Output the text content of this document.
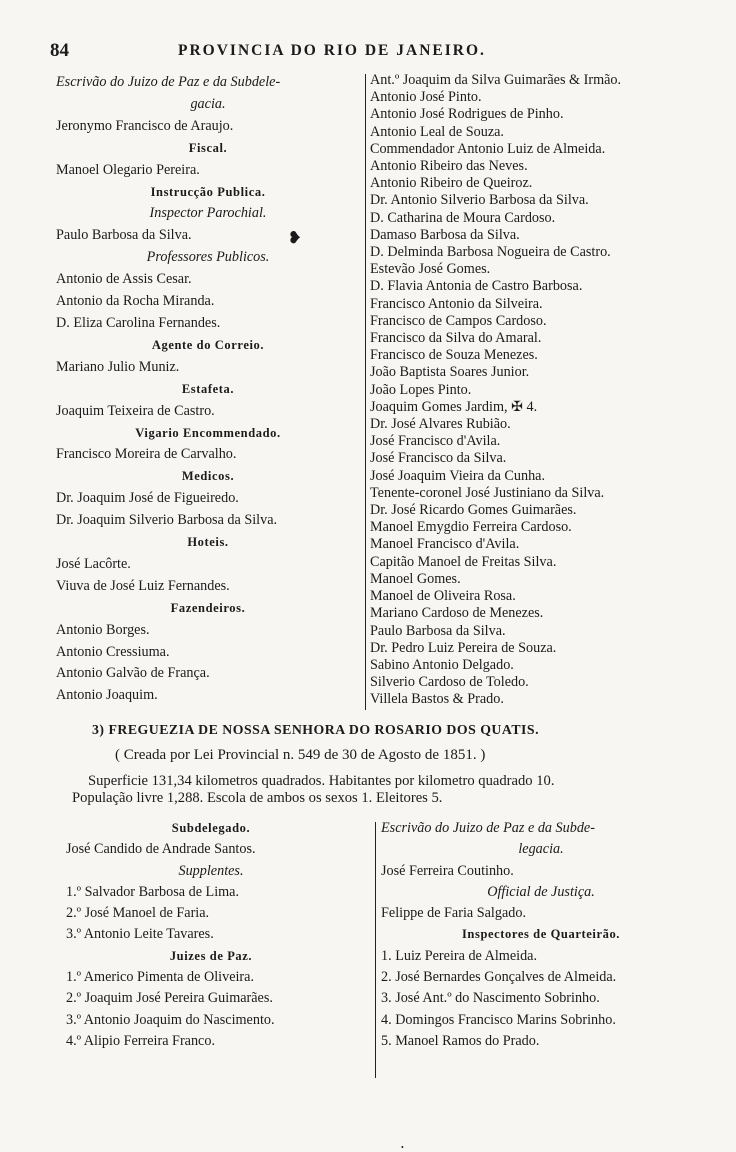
84	PROVINCIA DO RIO DE JANEIRO.
Escrivão do Juizo de Paz e da Subdele-
gacia.
Jeronymo Francisco de Araujo.
Fiscal.
Manoel Olegario Pereira.
Instrucção Publica.
Inspector Parochial.
Paulo Barbosa da Silva.
Professores Publicos.
Antonio de Assis Cesar.
Antonio da Rocha Miranda.
D. Eliza Carolina Fernandes.
Agente do Correio.
Mariano Julio Muniz.
Estafeta.
Joaquim Teixeira de Castro.
Vigario Encommendado.
Francisco Moreira de Carvalho.
Medicos.
Dr. Joaquim José de Figueiredo.
Dr. Joaquim Silverio Barbosa da Silva.
Hoteis.
José Lacôrte.
Viuva de José Luiz Fernandes.
Fazendeiros.
Antonio Borges.
Antonio Cressiuma.
Antonio Galvão de França.
Antonio Joaquim.
Ant.º Joaquim da Silva Guimarães & Irmão.
Antonio José Pinto.
Antonio José Rodrigues de Pinho.
Antonio Leal de Souza.
Commendador Antonio Luiz de Almeida.
Antonio Ribeiro das Neves.
Antonio Ribeiro de Queiroz.
Dr. Antonio Silverio Barbosa da Silva.
D. Catharina de Moura Cardoso.
Damaso Barbosa da Silva.
D. Delminda Barbosa Nogueira de Castro.
Estevão José Gomes.
D. Flavia Antonia de Castro Barbosa.
Francisco Antonio da Silveira.
Francisco de Campos Cardoso.
Francisco da Silva do Amaral.
Francisco de Souza Menezes.
João Baptista Soares Junior.
João Lopes Pinto.
Joaquim Gomes Jardim, ✠ 4.
Dr. José Alvares Rubião.
José Francisco d'Avila.
José Francisco da Silva.
José Joaquim Vieira da Cunha.
Tenente-coronel José Justiniano da Silva.
Dr. José Ricardo Gomes Guimarães.
Manoel Emygdio Ferreira Cardoso.
Manoel Francisco d'Avila.
Capitão Manoel de Freitas Silva.
Manoel Gomes.
Manoel de Oliveira Rosa.
Mariano Cardoso de Menezes.
Paulo Barbosa da Silva.
Dr. Pedro Luiz Pereira de Souza.
Sabino Antonio Delgado.
Silverio Cardoso de Toledo.
Villela Bastos & Prado.
❥
3) FREGUEZIA DE NOSSA SENHORA DO ROSARIO DOS QUATIS.
( Creada por Lei Provincial n. 549 de 30 de Agosto de 1851. )
Superficie 131,34 kilometros quadrados. Habitantes por kilometro quadrado 10.
População livre 1,288. Escola de ambos os sexos 1. Eleitores 5.
Subdelegado.
José Candido de Andrade Santos.
Supplentes.
1.º Salvador Barbosa de Lima.
2.º José Manoel de Faria.
3.º Antonio Leite Tavares.
Juizes de Paz.
1.º Americo Pimenta de Oliveira.
2.º Joaquim José Pereira Guimarães.
3.º Antonio Joaquim do Nascimento.
4.º Alipio Ferreira Franco.
Escrivão do Juizo de Paz e da Subde-
legacia.
José Ferreira Coutinho.
Official de Justiça.
Felippe de Faria Salgado.
Inspectores de Quarteirão.
1. Luiz Pereira de Almeida.
2. José Bernardes Gonçalves de Almeida.
3. José Ant.º do Nascimento Sobrinho.
4. Domingos Francisco Marins Sobrinho.
5. Manoel Ramos do Prado.
•
